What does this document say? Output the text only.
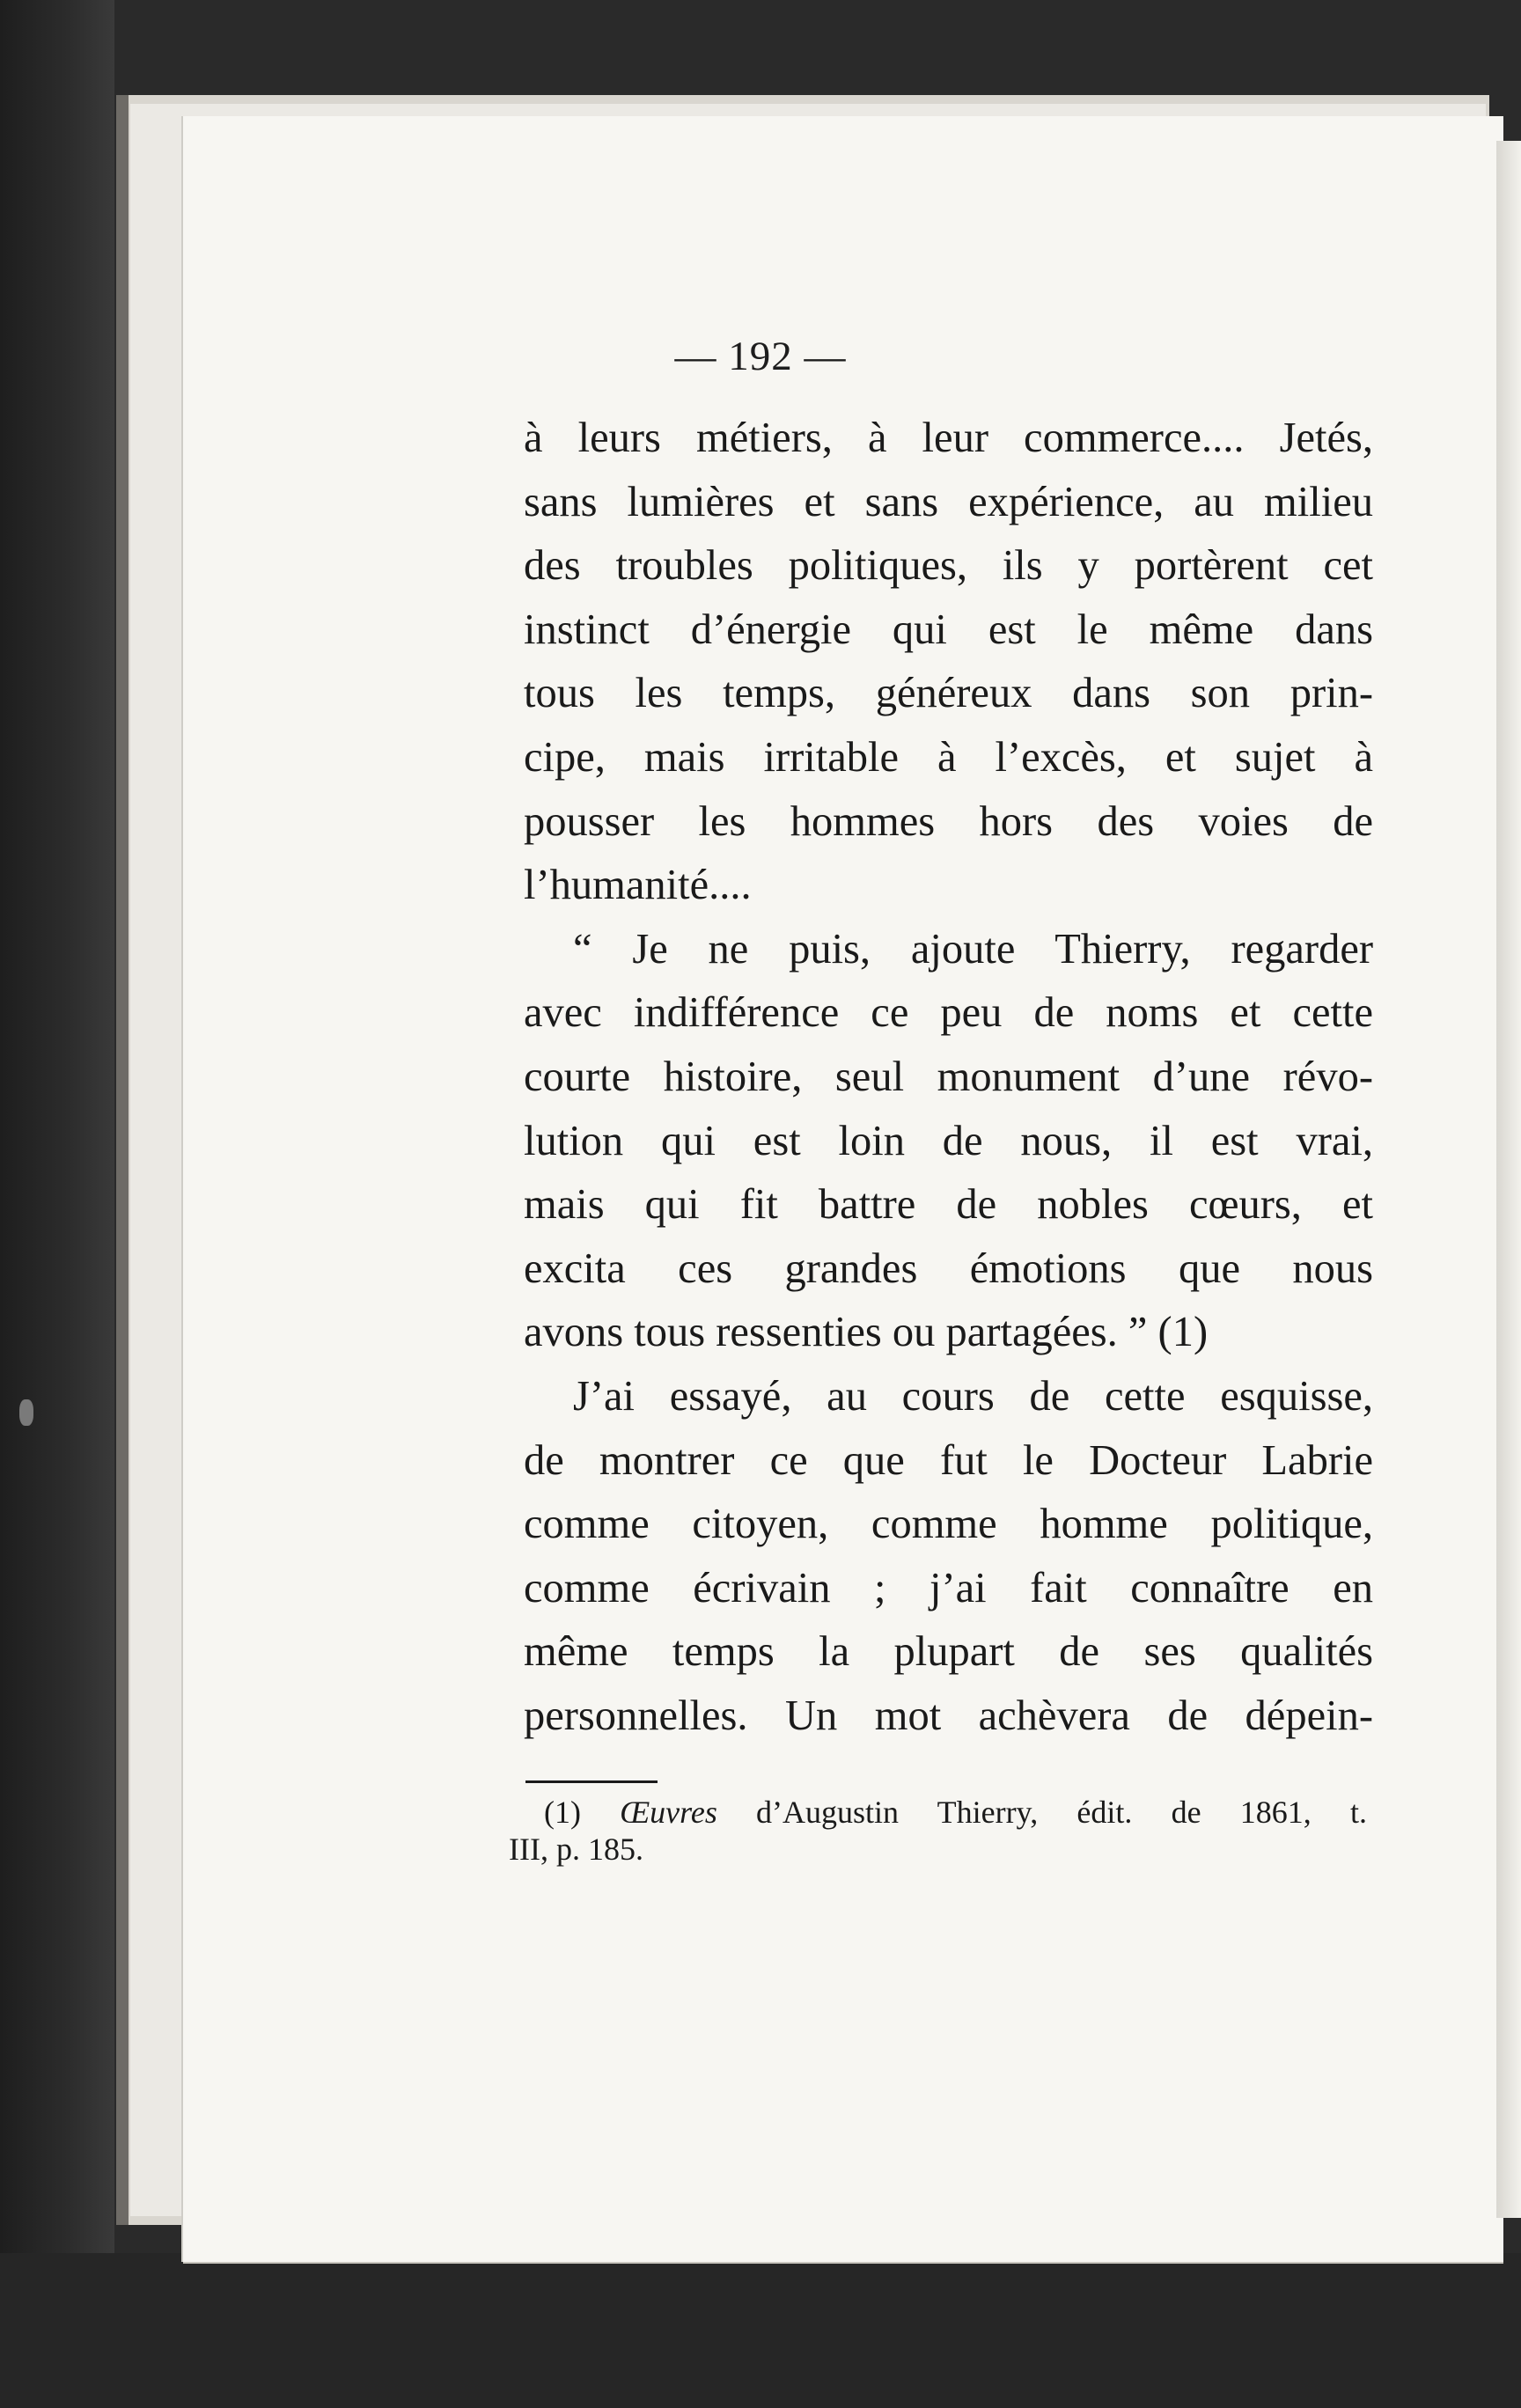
— 192 —
à leurs métiers, à leur commerce.... Jetés,
sans lumières et sans expérience, au milieu
des troubles politiques, ils y portèrent cet
instinct d’énergie qui est le même dans
tous les temps, généreux dans son prin-
cipe, mais irritable à l’excès, et sujet à
pousser les hommes hors des voies de
l’humanité....
“ Je ne puis, ajoute Thierry, regarder
avec indifférence ce peu de noms et cette
courte histoire, seul monument d’une révo-
lution qui est loin de nous, il est vrai,
mais qui fit battre de nobles cœurs, et
excita ces grandes émotions que nous
avons tous ressenties ou partagées. ” (1)
J’ai essayé, au cours de cette esquisse,
de montrer ce que fut le Docteur Labrie
comme citoyen, comme homme politique,
comme écrivain ; j’ai fait connaître en
même temps la plupart de ses qualités
personnelles. Un mot achèvera de dépein-
(1) Œuvres d’Augustin Thierry, édit. de 1861, t.
III, p. 185.
